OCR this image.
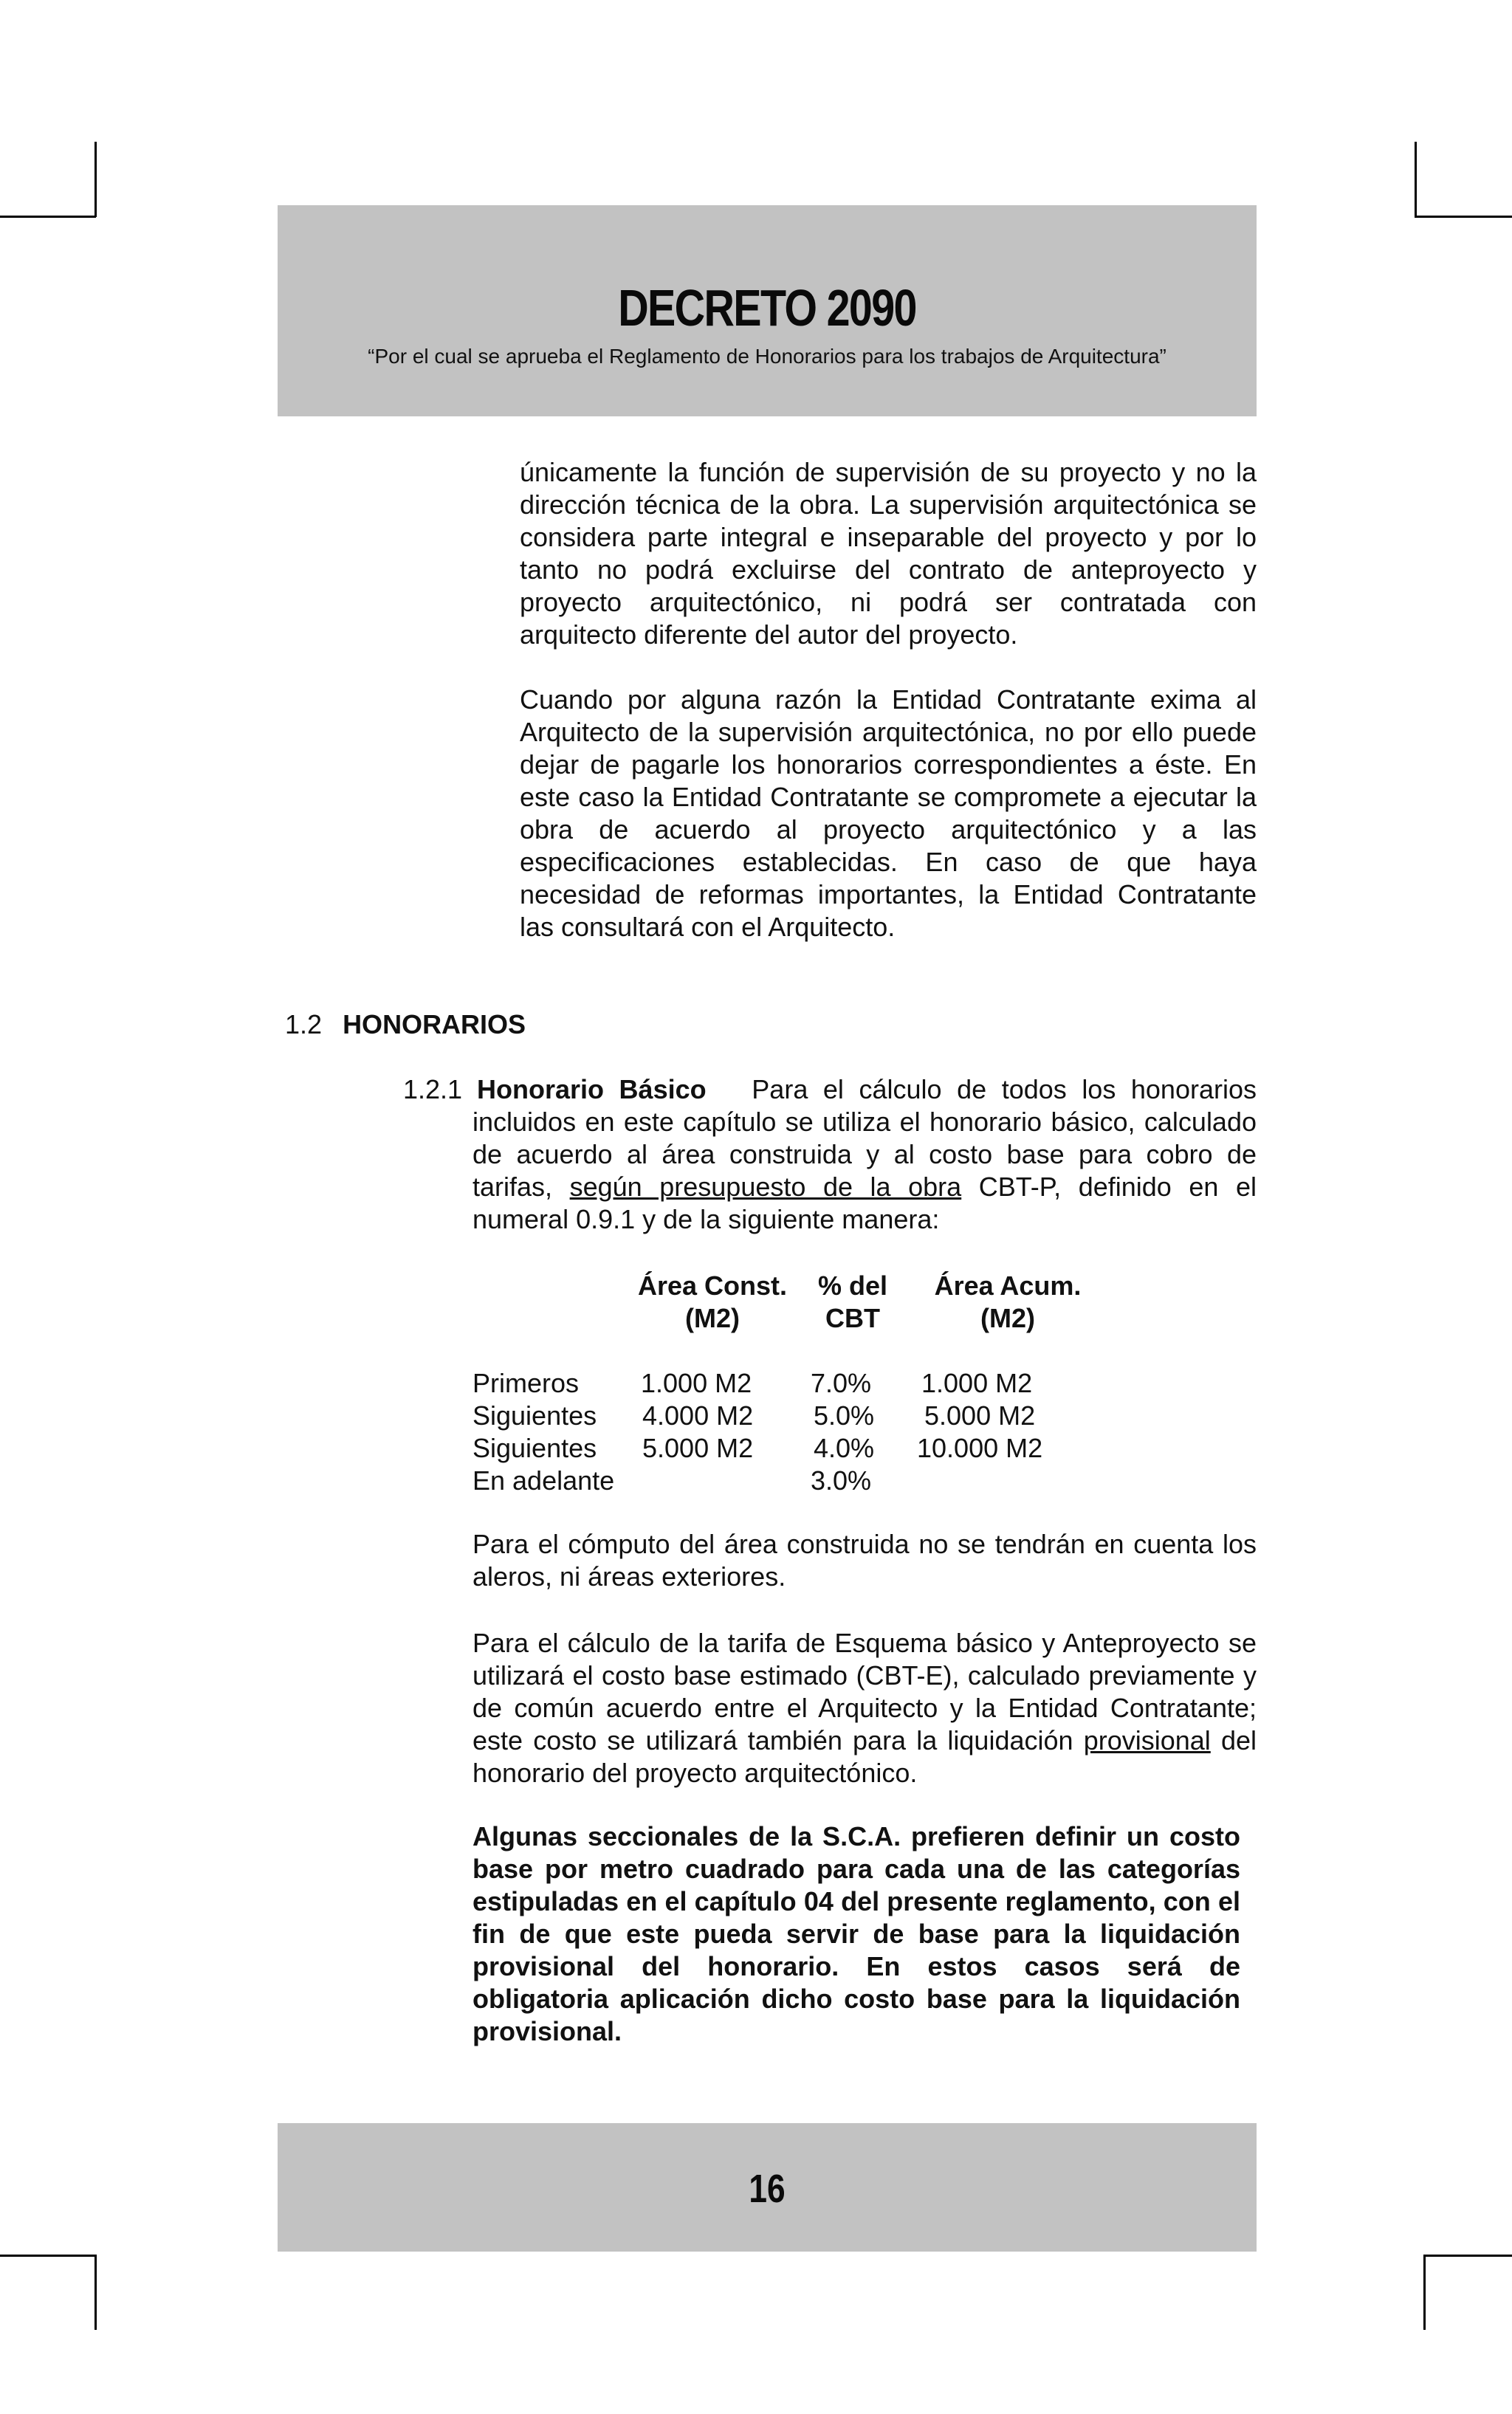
DECRETO 2090
“Por el cual se aprueba el Reglamento de Honorarios para los trabajos de Arquitectura”

únicamente la función de supervisión de su proyecto y no la dirección técnica de la obra. La supervisión arquitectónica se considera parte integral e inseparable del proyecto y por lo tanto no podrá excluirse del contrato de anteproyecto y proyecto arquitectónico, ni podrá ser contratada con arquitecto diferente del autor del proyecto.

Cuando por alguna razón la Entidad Contratante exima al Arquitecto de la supervisión arquitectónica, no por ello puede dejar de pagarle los honorarios correspondientes a éste. En este caso la Entidad Contratante se compromete a ejecutar la obra de acuerdo al proyecto arquitectónico y a las especificaciones establecidas. En caso de que haya necesidad de reformas importantes, la Entidad Contratante las consultará con el Arquitecto.

1.2 HONORARIOS
1.2.1 Honorario Básico Para el cálculo de todos los honorarios incluidos en este capítulo se utiliza el honorario básico, calculado de acuerdo al área construida y al costo base para cobro de tarifas, según presupuesto de la obra CBT-P, definido en el numeral 0.9.1 y de la siguiente manera:

Área Const.
(M2)
% del
CBT
Área Acum.
(M2)
Primeros 1.000 M2 7.0% 1.000 M2
Siguientes 4.000 M2 5.0% 5.000 M2
Siguientes 5.000 M2 4.0% 10.000 M2
En adelante	3.0%

Para el cómputo del área construida no se tendrán en cuenta los aleros, ni áreas exteriores.

Para el cálculo de la tarifa de Esquema básico y Anteproyecto se utilizará el costo base estimado (CBT-E), calculado previamente y de común acuerdo entre el Arquitecto y la Entidad Contratante; este costo se utilizará también para la liquidación provisional del honorario del proyecto arquitectónico.

Algunas seccionales de la S.C.A. prefieren definir un costo base por metro cuadrado para cada una de las categorías estipuladas en el capítulo 04 del presente reglamento, con el fin de que este pueda servir de base para la liquidación provisional del honorario. En estos casos será de obligatoria aplicación dicho costo base para la liquidación provisional.

16
